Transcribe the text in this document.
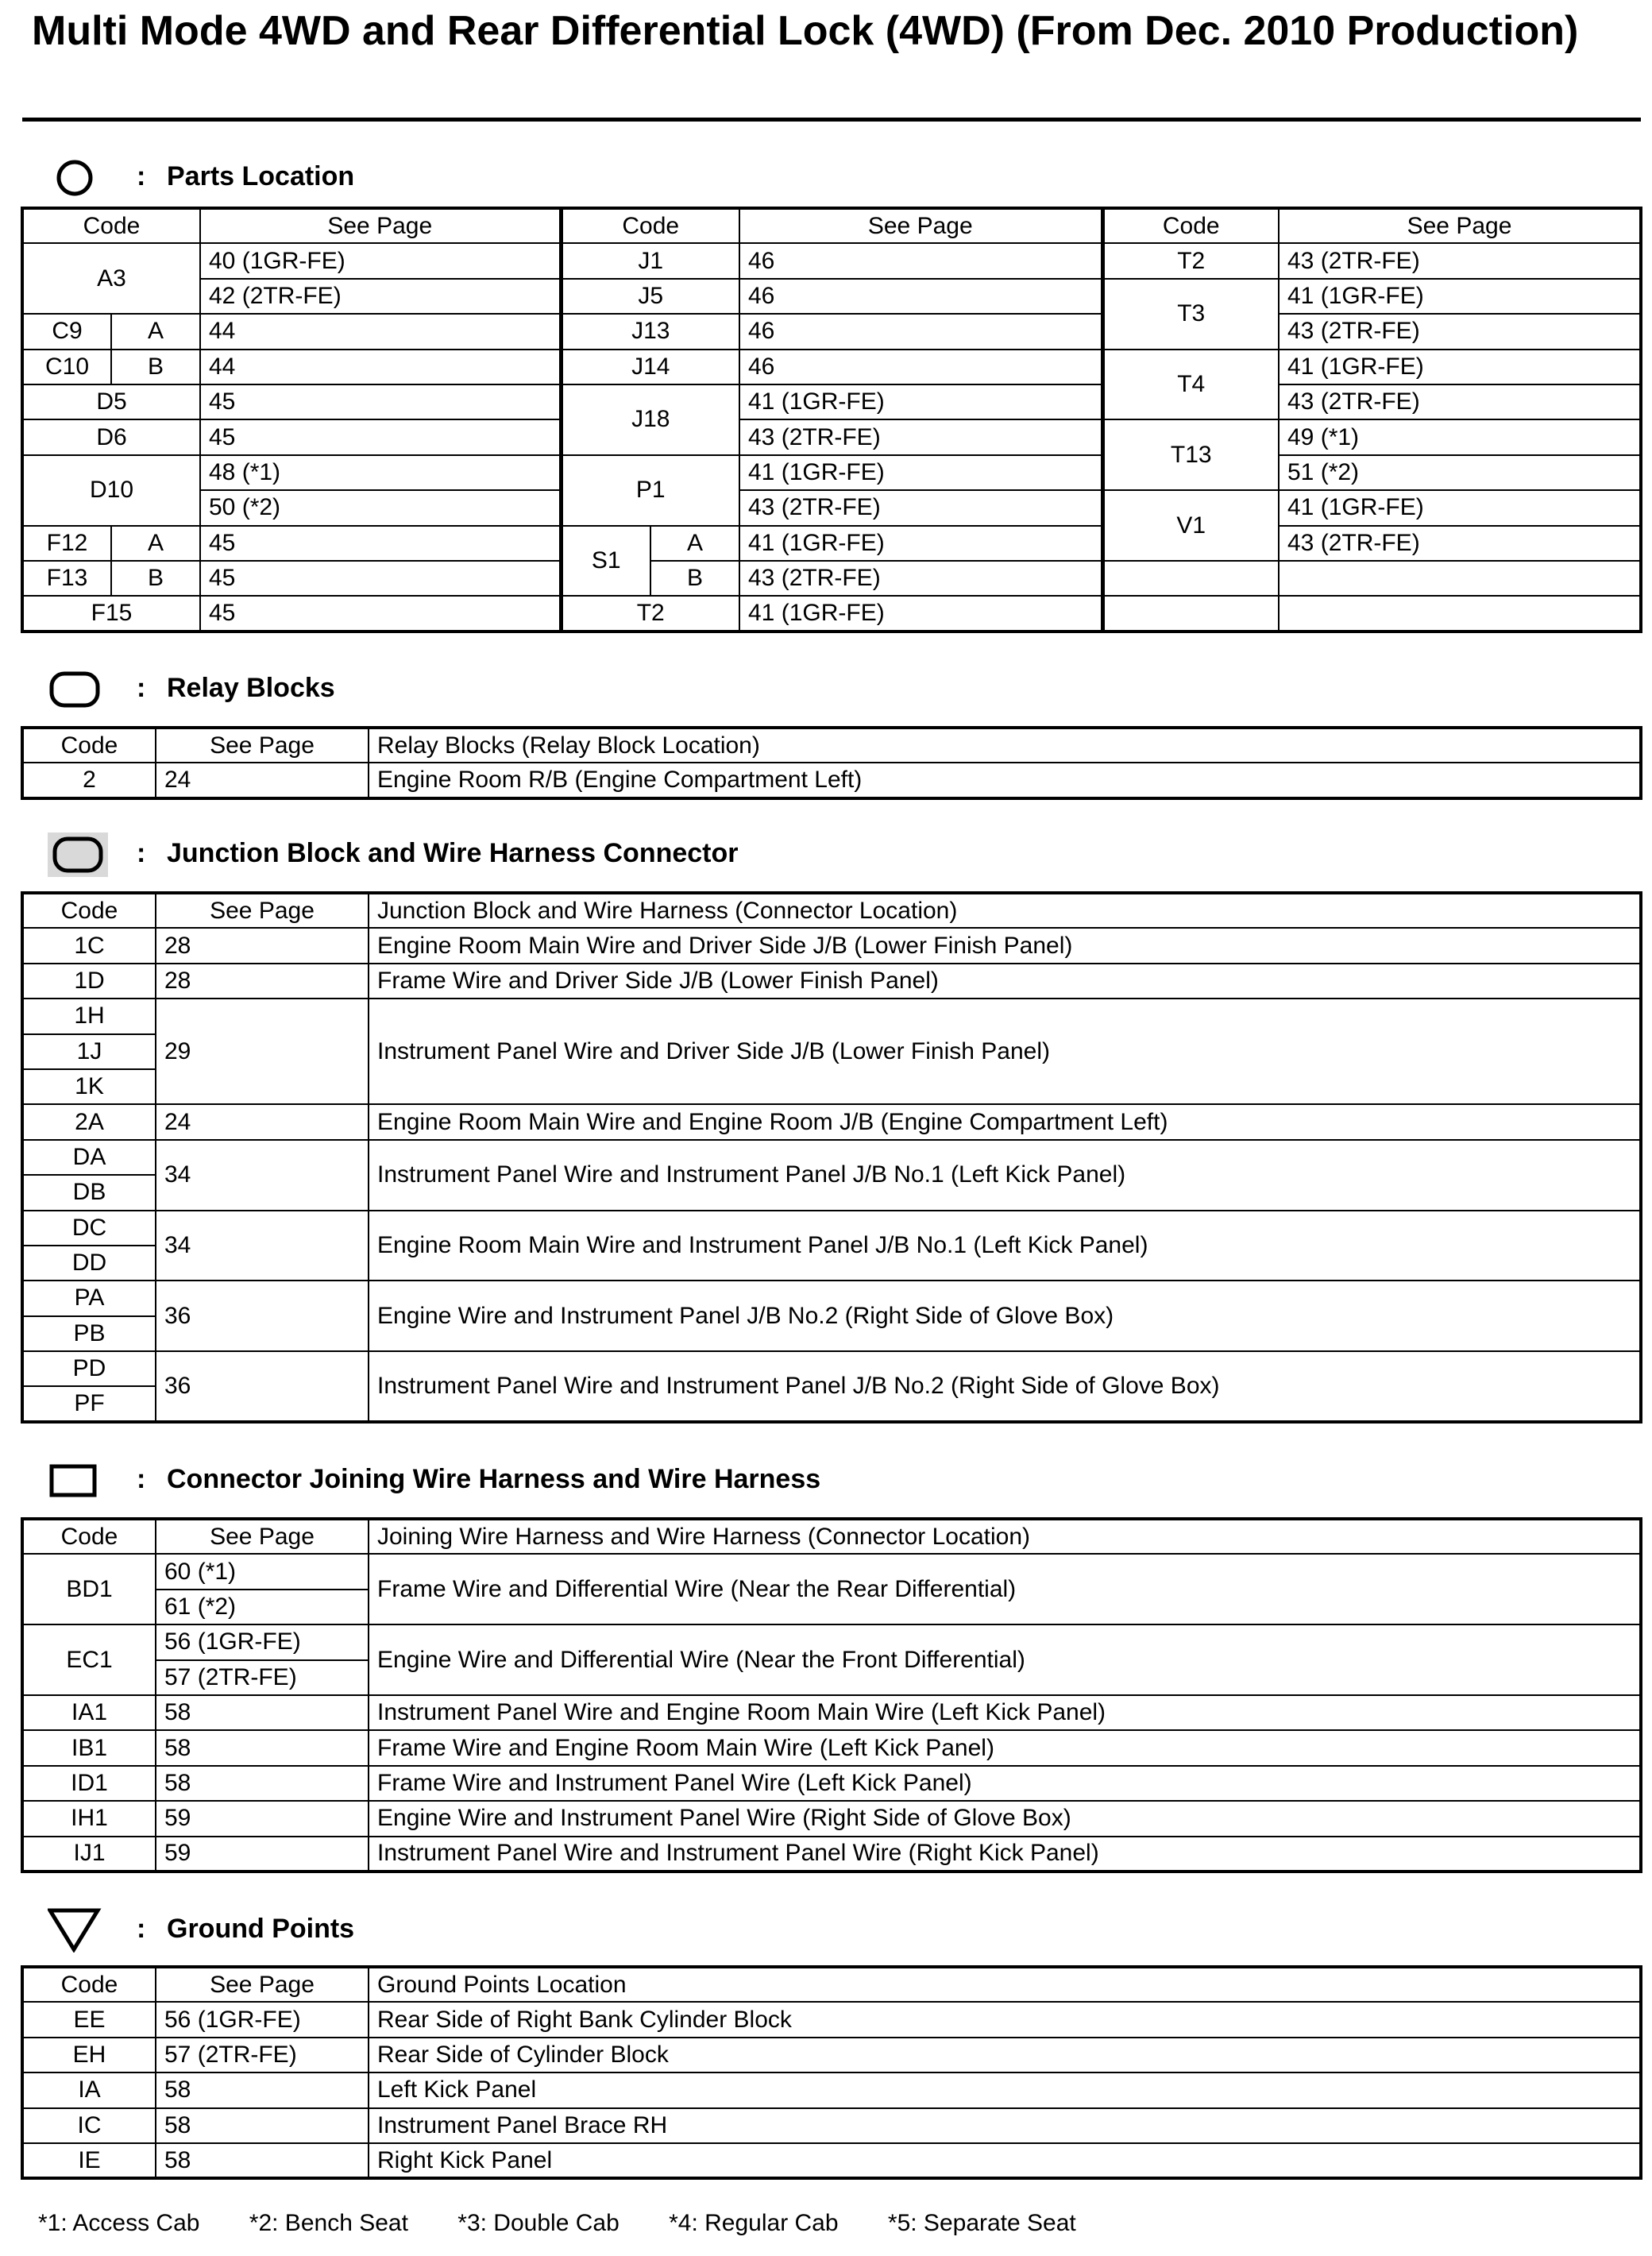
Multi Mode 4WD and Rear Differential Lock (4WD) (From Dec. 2010 Production)
: Parts Location
Code		See Page	Code		See Page	Code	See Page
A3		40 (1GR-FE)	J1		46	T2	43 (2TR-FE)
		42 (2TR-FE)	J5		46	T3	41 (1GR-FE)
C9	A	44	J13		46		43 (2TR-FE)
C10	B	44	J14		46	T4	41 (1GR-FE)
D5		45	J18		41 (1GR-FE)		43 (2TR-FE)
D6		45			43 (2TR-FE)	T13	49 (*1)
D10		48 (*1)	P1		41 (1GR-FE)		51 (*2)
		50 (*2)			43 (2TR-FE)	V1	41 (1GR-FE)
F12	A	45	S1	A	41 (1GR-FE)		43 (2TR-FE)
F13	B	45		B	43 (2TR-FE)		
F15		45	T2		41 (1GR-FE)		
: Relay Blocks
Code	See Page	Relay Blocks (Relay Block Location)
2	24	Engine Room R/B (Engine Compartment Left)
: Junction Block and Wire Harness Connector
Code	See Page	Junction Block and Wire Harness (Connector Location)
1C	28	Engine Room Main Wire and Driver Side J/B (Lower Finish Panel)
1D	28	Frame Wire and Driver Side J/B (Lower Finish Panel)
1H	29	Instrument Panel Wire and Driver Side J/B (Lower Finish Panel)
1J		
1K		
2A	24	Engine Room Main Wire and Engine Room J/B (Engine Compartment Left)
DA	34	Instrument Panel Wire and Instrument Panel J/B No.1 (Left Kick Panel)
DB		
DC	34	Engine Room Main Wire and Instrument Panel J/B No.1 (Left Kick Panel)
DD		
PA	36	Engine Wire and Instrument Panel J/B No.2 (Right Side of Glove Box)
PB		
PD	36	Instrument Panel Wire and Instrument Panel J/B No.2 (Right Side of Glove Box)
PF		
: Connector Joining Wire Harness and Wire Harness
Code	See Page	Joining Wire Harness and Wire Harness (Connector Location)
BD1	60 (*1)	Frame Wire and Differential Wire (Near the Rear Differential)
	61 (*2)	
EC1	56 (1GR-FE)	Engine Wire and Differential Wire (Near the Front Differential)
	57 (2TR-FE)	
IA1	58	Instrument Panel Wire and Engine Room Main Wire (Left Kick Panel)
IB1	58	Frame Wire and Engine Room Main Wire (Left Kick Panel)
ID1	58	Frame Wire and Instrument Panel Wire (Left Kick Panel)
IH1	59	Engine Wire and Instrument Panel Wire (Right Side of Glove Box)
IJ1	59	Instrument Panel Wire and Instrument Panel Wire (Right Kick Panel)
: Ground Points
Code	See Page	Ground Points Location
EE	56 (1GR-FE)	Rear Side of Right Bank Cylinder Block
EH	57 (2TR-FE)	Rear Side of Cylinder Block
IA	58	Left Kick Panel
IC	58	Instrument Panel Brace RH
IE	58	Right Kick Panel
*1: Access Cab *2: Bench Seat *3: Double Cab *4: Regular Cab *5: Separate Seat
